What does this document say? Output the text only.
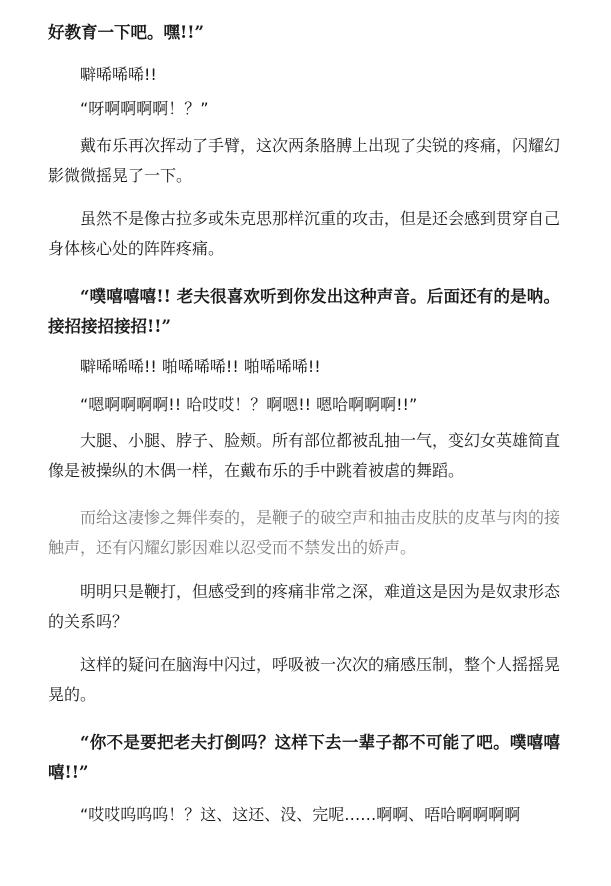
好教育一下吧。嘿!!”

噼唏唏唏!!

“呀啊啊啊啊！？”

戴布乐再次挥动了手臂，这次两条胳膊上出现了尖锐的疼痛，闪耀幻影微微摇晃了一下。

虽然不是像古拉多或朱克思那样沉重的攻击，但是还会感到贯穿自己身体核心处的阵阵疼痛。

“噗嘻嘻嘻!! 老夫很喜欢听到你发出这种声音。后面还有的是呐。接招接招接招!!”

噼唏唏唏!! 啪唏唏唏!! 啪唏唏唏!!

“嗯啊啊啊啊!! 哈哎哎！？啊嗯!! 嗯哈啊啊啊!!”

大腿、小腿、脖子、脸颊。所有部位都被乱抽一气，变幻女英雄简直像是被操纵的木偶一样，在戴布乐的手中跳着被虐的舞蹈。

而给这凄惨之舞伴奏的，是鞭子的破空声和抽击皮肤的皮革与肉的接触声，还有闪耀幻影因难以忍受而不禁发出的娇声。

明明只是鞭打，但感受到的疼痛非常之深，难道这是因为是奴隶形态的关系吗？

这样的疑问在脑海中闪过，呼吸被一次次的痛感压制，整个人摇摇晃晃的。

“你不是要把老夫打倒吗？这样下去一辈子都不可能了吧。噗嘻嘻嘻!!”

“哎哎呜呜呜！？这、这还、没、完呢……啊啊、唔哈啊啊啊啊
